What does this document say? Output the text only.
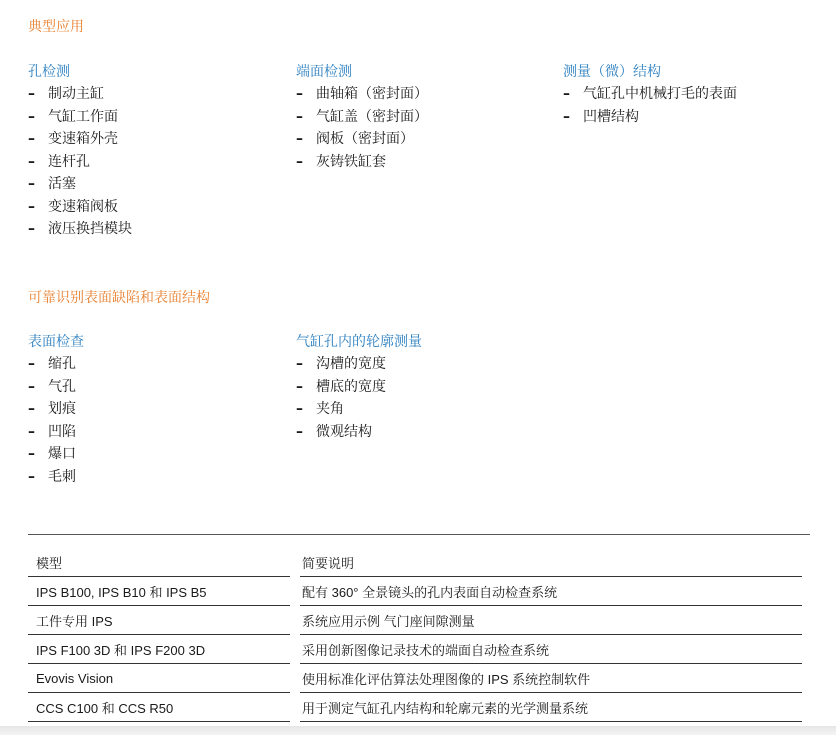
典型应用

孔检测

– 制动主缸
– 气缸工作面
– 变速箱外壳
– 连杆孔
– 活塞
– 变速箱阀板
– 液压换挡模块

端面检测

– 曲轴箱（密封面）
– 气缸盖（密封面）
– 阀板（密封面）
– 灰铸铁缸套

测量（微）结构

– 气缸孔中机械打毛的表面
– 凹槽结构
可靠识别表面缺陷和表面结构

表面检查

– 缩孔
– 气孔
– 划痕
– 凹陷
– 爆口
– 毛刺

气缸孔内的轮廓测量

– 沟槽的宽度
– 槽底的宽度
– 夹角
– 微观结构
模型	简要说明
IPS B100, IPS B10 和 IPS B5	配有 360° 全景镜头的孔内表面自动检查系统
工件专用 IPS	系统应用示例 气门座间隙测量
IPS F100 3D 和 IPS F200 3D	采用创新图像记录技术的端面自动检查系统
Evovis Vision	使用标准化评估算法处理图像的 IPS 系统控制软件
CCS C100 和 CCS R50	用于测定气缸孔内结构和轮廓元素的光学测量系统
